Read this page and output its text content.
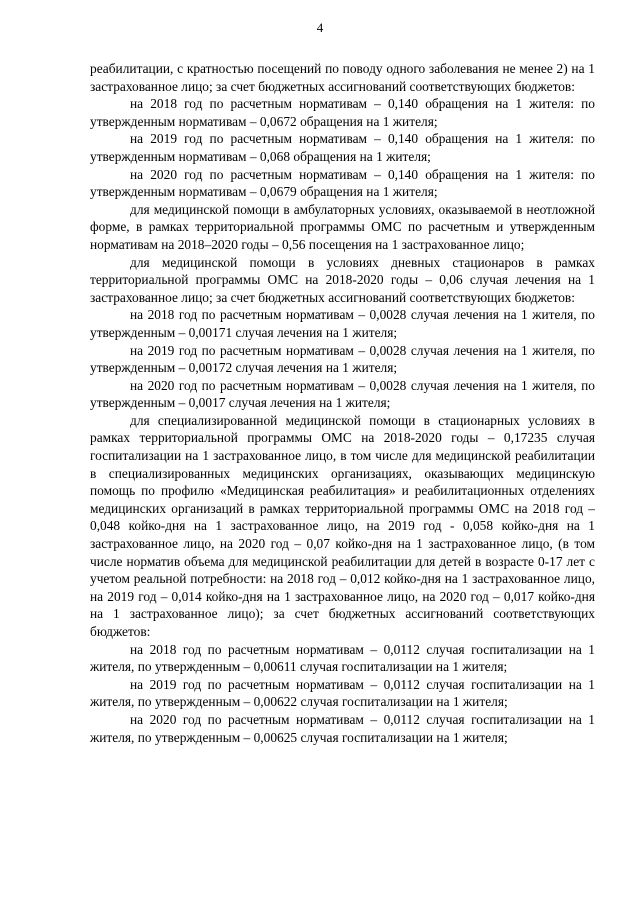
4

реабилитации, с кратностью посещений по поводу одного заболевания не менее 2) на 1 застрахованное лицо; за счет бюджетных ассигнований соответствующих бюджетов:

на 2018 год по расчетным нормативам – 0,140 обращения на 1 жителя: по утвержденным нормативам – 0,0672 обращения на 1 жителя;

на 2019 год по расчетным нормативам – 0,140 обращения на 1 жителя: по утвержденным нормативам – 0,068 обращения на 1 жителя;

на 2020 год по расчетным нормативам – 0,140 обращения на 1 жителя: по утвержденным нормативам – 0,0679 обращения на 1 жителя;

для медицинской помощи в амбулаторных условиях, оказываемой в неотложной форме, в рамках территориальной программы ОМС по расчетным и утвержденным нормативам на 2018–2020 годы – 0,56 посещения на 1 застрахованное лицо;

для медицинской помощи в условиях дневных стационаров в рамках территориальной программы ОМС на 2018-2020 годы – 0,06 случая лечения на 1 застрахованное лицо; за счет бюджетных ассигнований соответствующих бюджетов:

на 2018 год по расчетным нормативам – 0,0028 случая лечения на 1 жителя, по утвержденным – 0,00171 случая лечения на 1 жителя;

на 2019 год по расчетным нормативам – 0,0028 случая лечения на 1 жителя, по утвержденным – 0,00172 случая лечения на 1 жителя;

на 2020 год по расчетным нормативам – 0,0028 случая лечения на 1 жителя, по утвержденным – 0,0017 случая лечения на 1 жителя;

для специализированной медицинской помощи в стационарных условиях в рамках территориальной программы ОМС на 2018-2020 годы – 0,17235 случая госпитализации на 1 застрахованное лицо, в том числе для медицинской реабилитации в специализированных медицинских организациях, оказывающих медицинскую помощь по профилю «Медицинская реабилитация» и реабилитационных отделениях медицинских организаций в рамках территориальной программы ОМС на 2018 год – 0,048 койко-дня на 1 застрахованное лицо, на 2019 год - 0,058 койко-дня на 1 застрахованное лицо, на 2020 год – 0,07 койко-дня на 1 застрахованное лицо, (в том числе норматив объема для медицинской реабилитации для детей в возрасте 0-17 лет с учетом реальной потребности: на 2018 год – 0,012 койко-дня на 1 застрахованное лицо, на 2019 год – 0,014 койко-дня на 1 застрахованное лицо, на 2020 год – 0,017 койко-дня на 1 застрахованное лицо); за счет бюджетных ассигнований соответствующих бюджетов:

на 2018 год по расчетным нормативам – 0,0112 случая госпитализации на 1 жителя, по утвержденным – 0,00611 случая госпитализации на 1 жителя;

на 2019 год по расчетным нормативам – 0,0112 случая госпитализации на 1 жителя, по утвержденным – 0,00622 случая госпитализации на 1 жителя;

на 2020 год по расчетным нормативам – 0,0112 случая госпитализации на 1 жителя, по утвержденным – 0,00625 случая госпитализации на 1 жителя;
